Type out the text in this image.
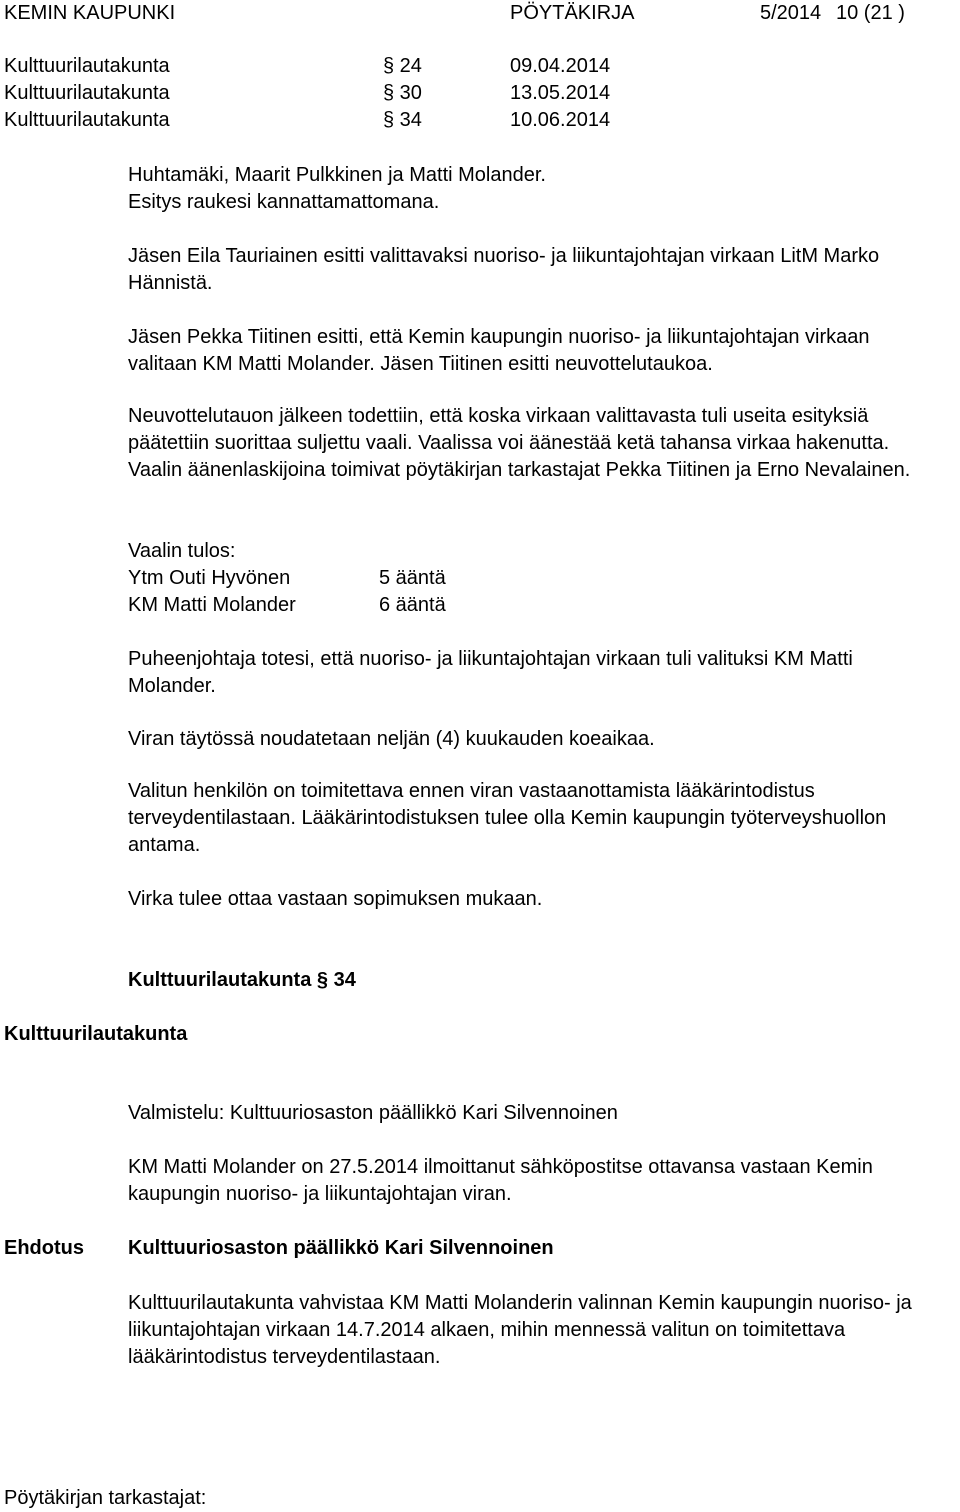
KEMIN KAUPUNKI	PÖYTÄKIRJA	5/2014 10 (21 )
Kulttuurilautakunta	§ 24	09.04.2014
Kulttuurilautakunta	§ 30	13.05.2014
Kulttuurilautakunta	§ 34	10.06.2014

Huhtamäki, Maarit Pulkkinen ja Matti Molander.

Esitys raukesi kannattamattomana.

Jäsen Eila Tauriainen esitti valittavaksi nuoriso- ja liikuntajohtajan virkaan LitM Marko Hännistä.
Jäsen Pekka Tiitinen esitti, että Kemin kaupungin nuoriso- ja liikuntajohtajan virkaan valitaan KM Matti Molander. Jäsen Tiitinen esitti neuvottelutaukoa.
Neuvottelutauon jälkeen todettiin, että koska virkaan valittavasta tuli useita esityksiä päätettiin suorittaa suljettu vaali. Vaalissa voi äänestää ketä tahansa virkaa hakenutta. Vaalin äänenlaskijoina toimivat pöytäkirjan tarkastajat Pekka Tiitinen ja Erno Nevalainen.
Vaalin tulos:
Ytm Outi Hyvönen	5 ääntä
KM Matti Molander	6 ääntä
Puheenjohtaja totesi, että nuoriso- ja liikuntajohtajan virkaan tuli valituksi KM Matti Molander.
Viran täytössä noudatetaan neljän (4) kuukauden koeaikaa.
Valitun henkilön on toimitettava ennen viran vastaanottamista lääkärintodistus terveydentilastaan. Lääkärintodistuksen tulee olla Kemin kaupungin työterveyshuollon antama.
Virka tulee ottaa vastaan sopimuksen mukaan.
Kulttuurilautakunta § 34
Kulttuurilautakunta
Valmistelu: Kulttuuriosaston päällikkö Kari Silvennoinen
KM Matti Molander on 27.5.2014 ilmoittanut sähköpostitse ottavansa vastaan Kemin kaupungin nuoriso- ja liikuntajohtajan viran.
Ehdotus Kulttuuriosaston päällikkö Kari Silvennoinen
Kulttuurilautakunta vahvistaa KM Matti Molanderin valinnan Kemin kaupungin nuoriso- ja liikuntajohtajan virkaan 14.7.2014 alkaen, mihin mennessä valitun on toimitettava lääkärintodistus terveydentilastaan.
Pöytäkirjan tarkastajat:
